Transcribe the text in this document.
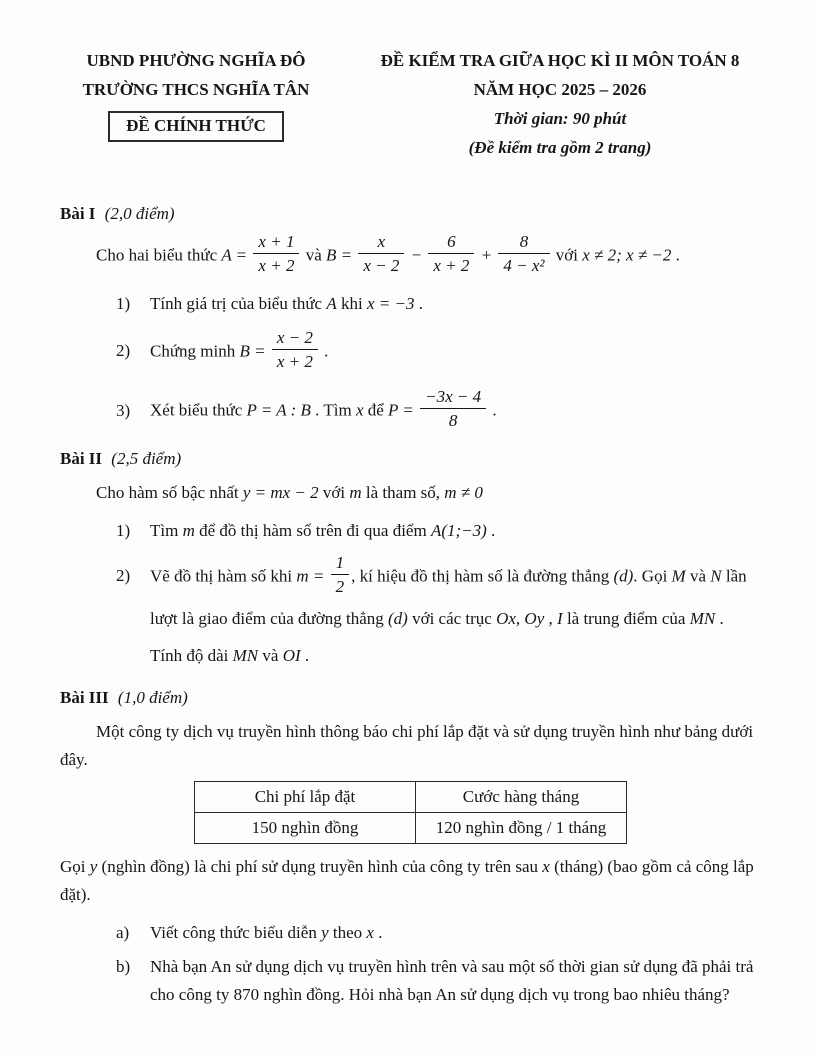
UBND PHƯỜNG NGHĨA ĐÔ
TRƯỜNG THCS NGHĨA TÂN
ĐỀ CHÍNH THỨC
ĐỀ KIỂM TRA GIỮA HỌC KÌ II MÔN TOÁN 8
NĂM HỌC 2025 – 2026
Thời gian: 90 phút
(Đề kiểm tra gồm 2 trang)
Bài I (2,0 điểm)
Cho hai biểu thức $A = \frac{x + 1}{x + 2}$ và $B = \frac{x}{x - 2} - \frac{6}{x + 2} + \frac{8}{\text{4 − x²}}$ với x ≠ 2; x ≠ −2 .
1)	Tính giá trị của biểu thức A khi x = −3 .
2)	Chứng minh $B = \frac{x - 2}{x + 2}$ .
3)	Xét biểu thức P = A : B . Tìm x để $P = \frac{-3x - 4}{8}$ .
Bài II (2,5 điểm)
Cho hàm số bậc nhất y = mx − 2 với m là tham số, m ≠ 0
1)	Tìm m để đồ thị hàm số trên đi qua điểm A(1;−3) .
2)	Vẽ đồ thị hàm số khi $m = \frac{1}{2}$ , kí hiệu đồ thị hàm số là đường thẳng (d). Gọi M và N lần lượt là giao điểm của đường thẳng (d) với các trục Ox, Oy , I là trung điểm của MN . Tính độ dài MN và OI .
Bài III (1,0 điểm)
Một công ty dịch vụ truyền hình thông báo chi phí lắp đặt và sử dụng truyền hình như bảng dưới đây.
Chi phí lắp đặt	Cước hàng tháng
150 nghìn đồng	120 nghìn đồng / 1 tháng
Gọi y (nghìn đồng) là chi phí sử dụng truyền hình của công ty trên sau x (tháng) (bao gồm cả công lắp đặt).
a)	Viết công thức biểu diễn y theo x .
b)	Nhà bạn An sử dụng dịch vụ truyền hình trên và sau một số thời gian sử dụng đã phải trả cho công ty 870 nghìn đồng. Hỏi nhà bạn An sử dụng dịch vụ trong bao nhiêu tháng?
